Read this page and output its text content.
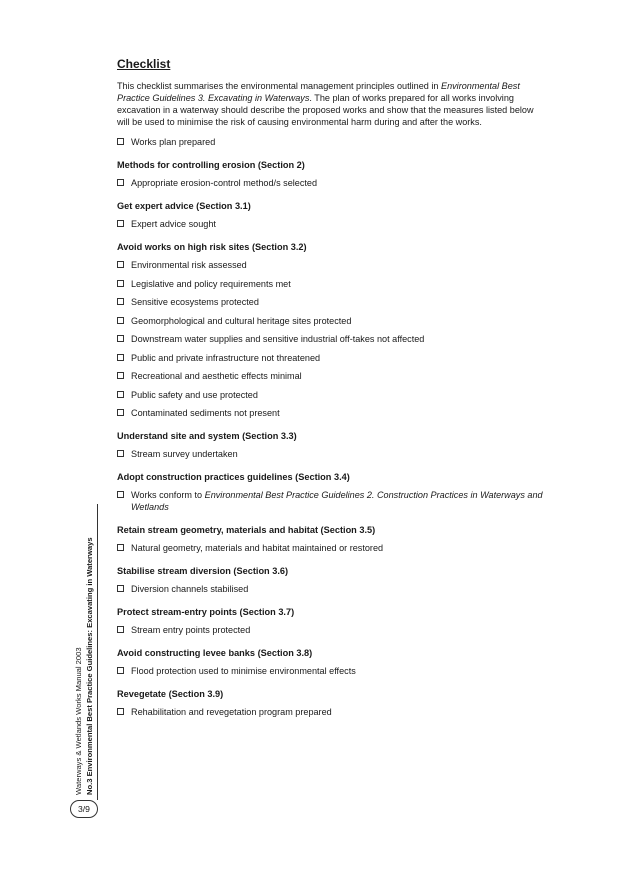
Checklist

This checklist summarises the environmental management principles outlined in Environmental Best Practice Guidelines 3. Excavating in Waterways. The plan of works prepared for all works involving excavation in a waterway should describe the proposed works and show that the measures listed below will be used to minimise the risk of causing environmental harm during and after the works.

Works plan prepared
Methods for controlling erosion (Section 2)
Appropriate erosion-control method/s selected
Get expert advice (Section 3.1)
Expert advice sought
Avoid works on high risk sites (Section 3.2)
Environmental risk assessed
Legislative and policy requirements met
Sensitive ecosystems protected
Geomorphological and cultural heritage sites protected
Downstream water supplies and sensitive industrial off-takes not affected
Public and private infrastructure not threatened
Recreational and aesthetic effects minimal
Public safety and use protected
Contaminated sediments not present
Understand site and system (Section 3.3)
Stream survey undertaken
Adopt construction practices guidelines (Section 3.4)
Works conform to Environmental Best Practice Guidelines 2. Construction Practices in Waterways and Wetlands
Retain stream geometry, materials and habitat (Section 3.5)
Natural geometry, materials and habitat maintained or restored
Stabilise stream diversion (Section 3.6)
Diversion channels stabilised
Protect stream-entry points (Section 3.7)
Stream entry points protected
Avoid constructing levee banks (Section 3.8)
Flood protection used to minimise environmental effects
Revegetate (Section 3.9)
Rehabilitation and revegetation program prepared
Waterways & Wetlands Works Manual 2003 No.3 Environmental Best Practice Guidelines: Excavating in Waterways
3/9
